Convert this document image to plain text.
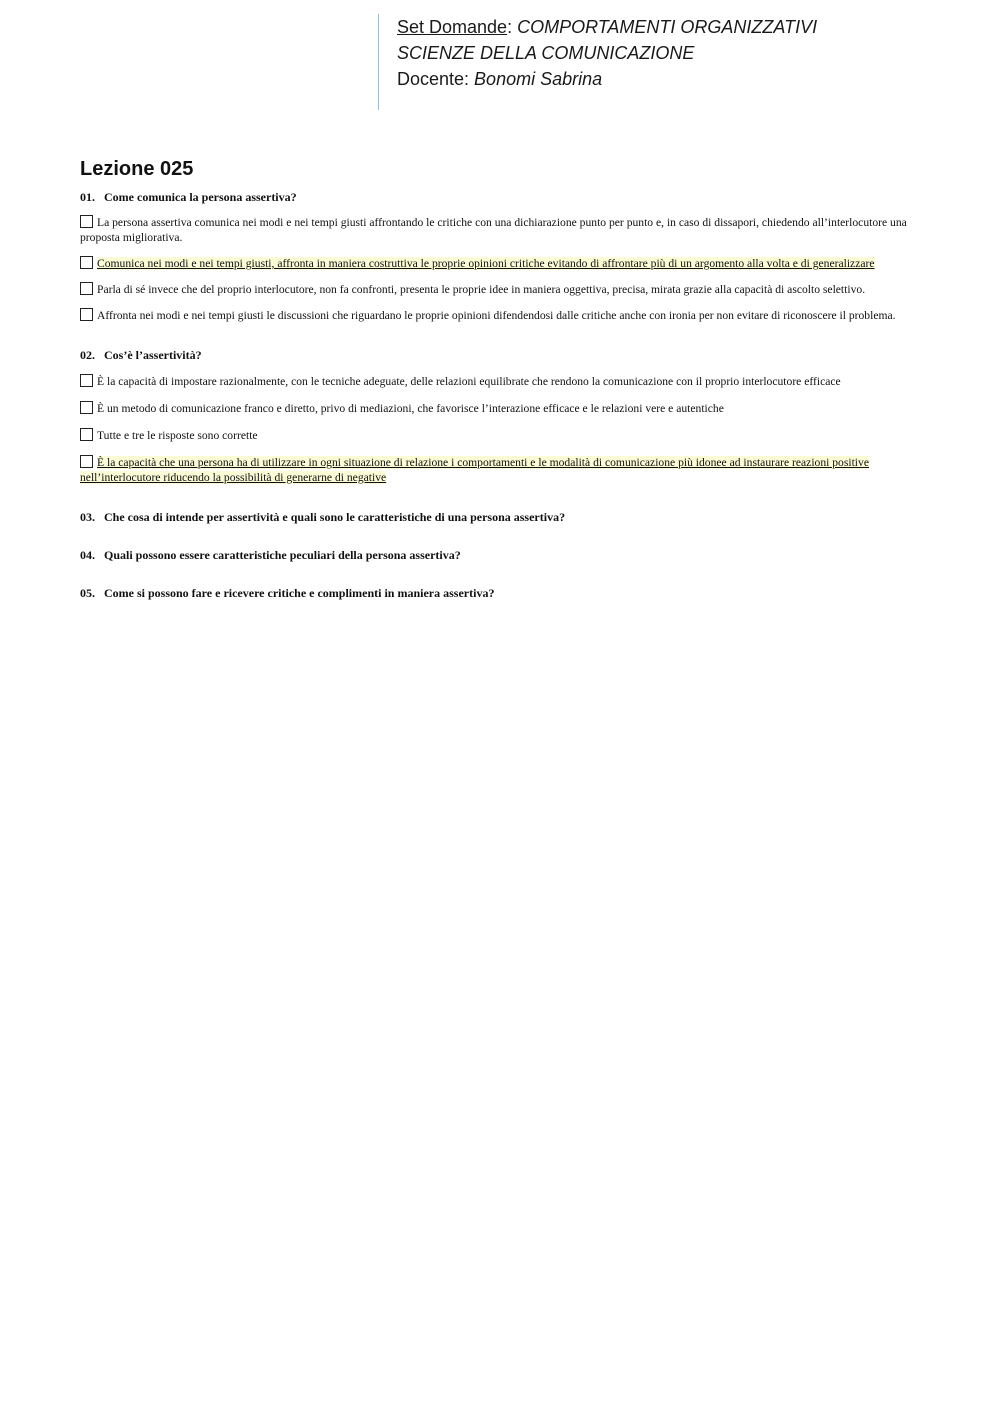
Set Domande: COMPORTAMENTI ORGANIZZATIVI
SCIENZE DELLA COMUNICAZIONE
Docente: Bonomi Sabrina
Lezione 025

01. Come comunica la persona assertiva?

La persona assertiva comunica nei modi e nei tempi giusti affrontando le critiche con una dichiarazione punto per punto e, in caso di dissapori, chiedendo all’interlocutore una proposta migliorativa.

Comunica nei modi e nei tempi giusti, affronta in maniera costruttiva le proprie opinioni critiche evitando di affrontare più di un argomento alla volta e di generalizzare

Parla di sé invece che del proprio interlocutore, non fa confronti, presenta le proprie idee in maniera oggettiva, precisa, mirata grazie alla capacità di ascolto selettivo.

Affronta nei modi e nei tempi giusti le discussioni che riguardano le proprie opinioni difendendosi dalle critiche anche con ironia per non evitare di riconoscere il problema.

02. Cos’è l’assertività?

È la capacità di impostare razionalmente, con le tecniche adeguate, delle relazioni equilibrate che rendono la comunicazione con il proprio interlocutore efficace

È un metodo di comunicazione franco e diretto, privo di mediazioni, che favorisce l’interazione efficace e le relazioni vere e autentiche

Tutte e tre le risposte sono corrette

È la capacità che una persona ha di utilizzare in ogni situazione di relazione i comportamenti e le modalità di comunicazione più idonee ad instaurare reazioni positive nell’interlocutore riducendo la possibilità di generarne di negative

03. Che cosa di intende per assertività e quali sono le caratteristiche di una persona assertiva?

04. Quali possono essere caratteristiche peculiari della persona assertiva?

05. Come si possono fare e ricevere critiche e complimenti in maniera assertiva?
